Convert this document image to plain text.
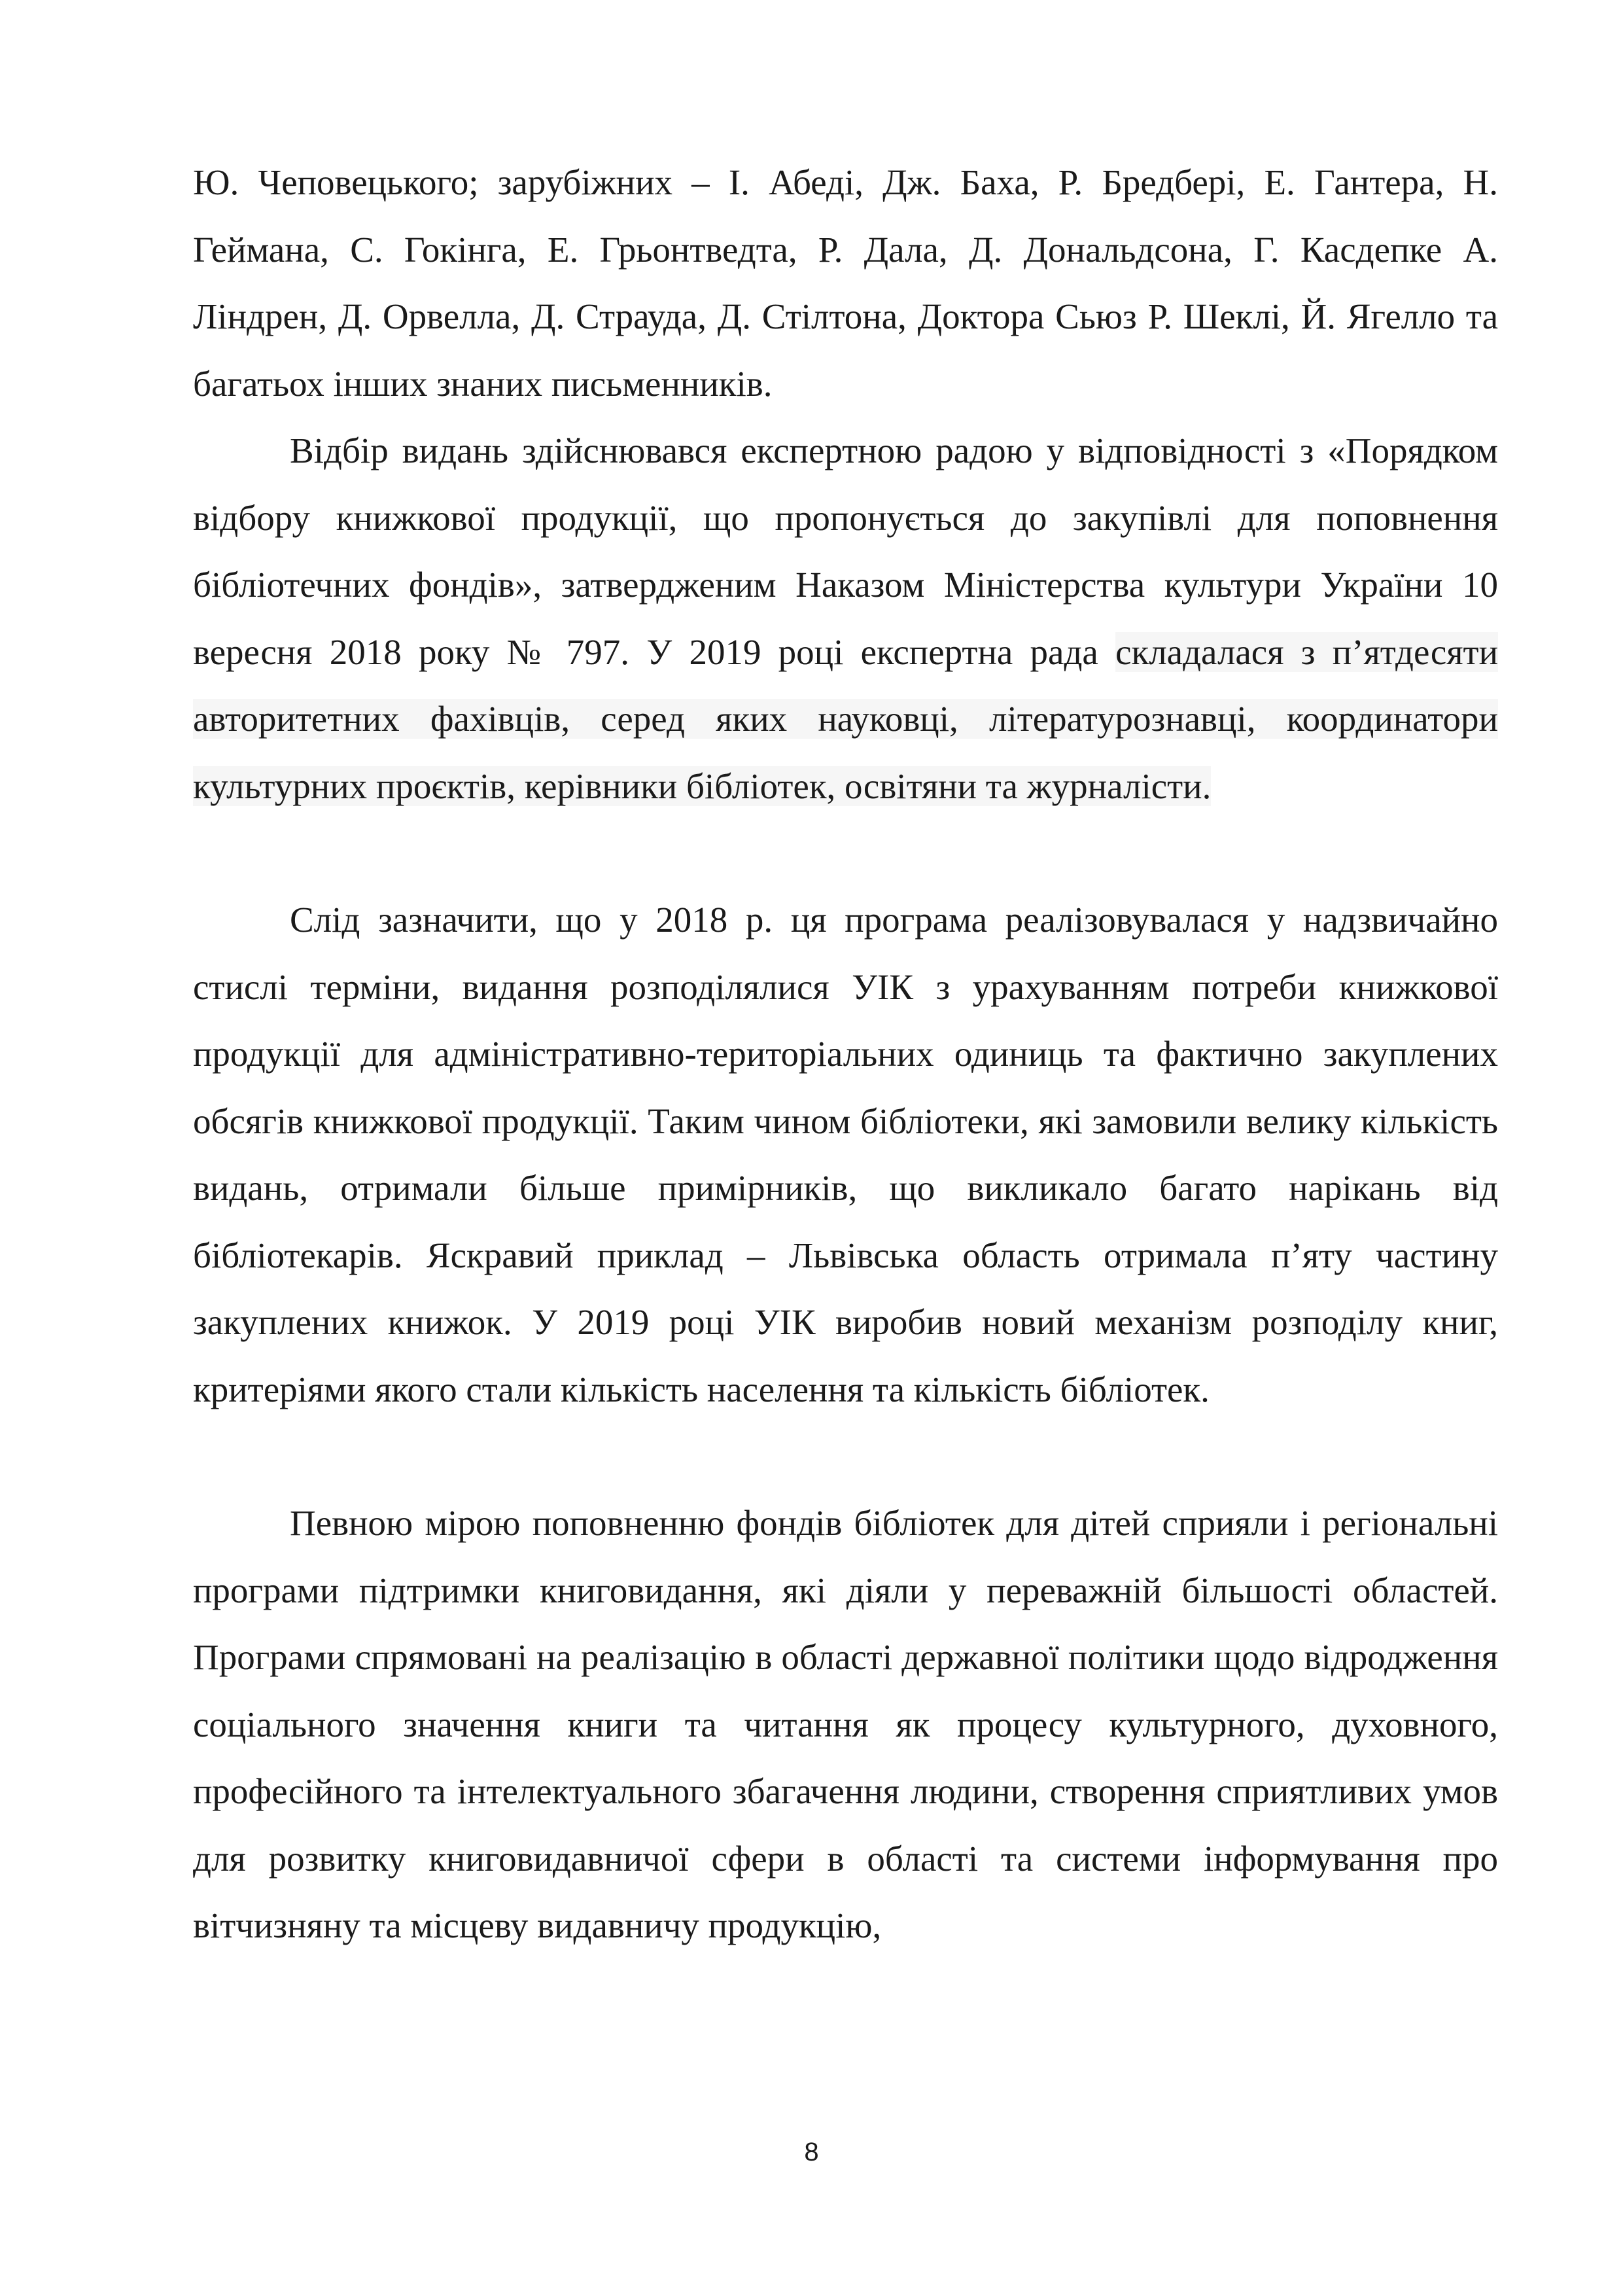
Ю. Чеповецького; зарубіжних – І. Абеді, Дж. Баха, Р. Бредбері, Е. Гантера, Н. Геймана, С. Гокінга, Е. Грьонтведта, Р. Дала, Д. Дональдсона, Г. Касдепке А. Ліндрен, Д. Орвелла, Д. Страуда, Д. Стілтона, Доктора Сьюз Р. Шеклі, Й. Ягелло та багатьох інших знаних письменників.

Відбір видань здійснювався експертною радою у відповідності з «Порядком відбору книжкової продукції, що пропонується до закупівлі для поповнення бібліотечних фондів», затвердженим Наказом Міністерства культури України 10 вересня 2018 року № 797. У 2019 році експертна рада складалася з п’ятдесяти авторитетних фахівців, серед яких науковці, літературознавці, координатори культурних проєктів, керівники бібліотек, освітяни та журналісти.

Слід зазначити, що у 2018 р. ця програма реалізовувалася у надзвичайно стислі терміни, видання розподілялися УІК з урахуванням потреби книжкової продукції для адміністративно-територіальних одиниць та фактично закуплених обсягів книжкової продукції. Таким чином бібліотеки, які замовили велику кількість видань, отримали більше примірників, що викликало багато нарікань від бібліотекарів. Яскравий приклад – Львівська область отримала п’яту частину закуплених книжок. У 2019 році УІК виробив новий механізм розподілу книг, критеріями якого стали кількість населення та кількість бібліотек.

Певною мірою поповненню фондів бібліотек для дітей сприяли і регіональні програми підтримки книговидання, які діяли у переважній більшості областей. Програми спрямовані на реалізацію в області державної політики щодо відродження соціального значення книги та читання як процесу культурного, духовного, професійного та інтелектуального збагачення людини, створення сприятливих умов для розвитку книговидавничої сфери в області та системи інформування про вітчизняну та місцеву видавничу продукцію,

8
